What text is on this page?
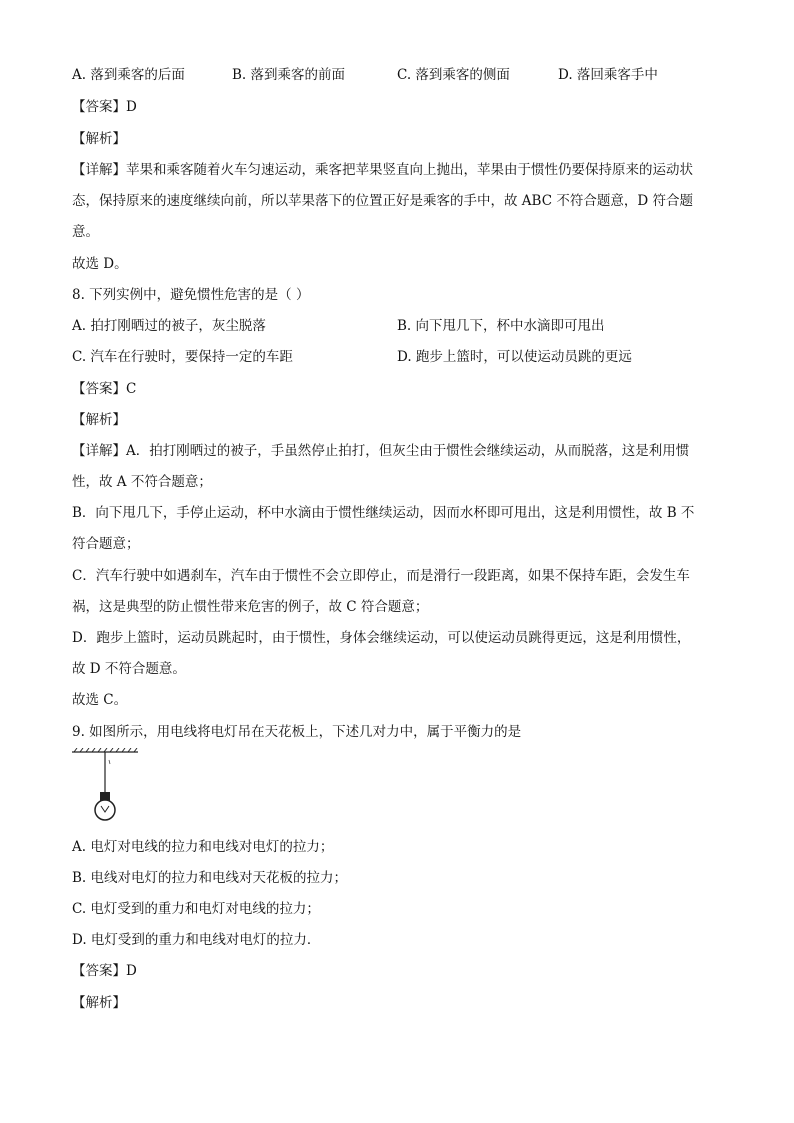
A. 落到乘客的后面	B. 落到乘客的前面	C. 落到乘客的侧面	D. 落回乘客手中
【答案】D
【解析】
【详解】苹果和乘客随着火车匀速运动，乘客把苹果竖直向上抛出，苹果由于惯性仍要保持原来的运动状
态，保持原来的速度继续向前，所以苹果落下的位置正好是乘客的手中，故 ABC 不符合题意，D 符合题
意。
故选 D。
8. 下列实例中，避免惯性危害的是（ ）
A. 拍打刚晒过的被子，灰尘脱落	B. 向下甩几下，杯中水滴即可甩出
C. 汽车在行驶时，要保持一定的车距	D. 跑步上篮时，可以使运动员跳的更远
【答案】C
【解析】
【详解】A．拍打刚晒过的被子，手虽然停止拍打，但灰尘由于惯性会继续运动，从而脱落，这是利用惯
性，故 A 不符合题意；
B．向下甩几下，手停止运动，杯中水滴由于惯性继续运动，因而水杯即可甩出，这是利用惯性，故 B 不
符合题意；
C．汽车行驶中如遇刹车，汽车由于惯性不会立即停止，而是滑行一段距离，如果不保持车距，会发生车
祸，这是典型的防止惯性带来危害的例子，故 C 符合题意；
D．跑步上篮时，运动员跳起时，由于惯性，身体会继续运动，可以使运动员跳得更远，这是利用惯性，
故 D 不符合题意。
故选 C。
9. 如图所示，用电线将电灯吊在天花板上，下述几对力中，属于平衡力的是
A. 电灯对电线的拉力和电线对电灯的拉力；
B. 电线对电灯的拉力和电线对天花板的拉力；
C. 电灯受到的重力和电灯对电线的拉力；
D. 电灯受到的重力和电线对电灯的拉力．
【答案】D
【解析】
